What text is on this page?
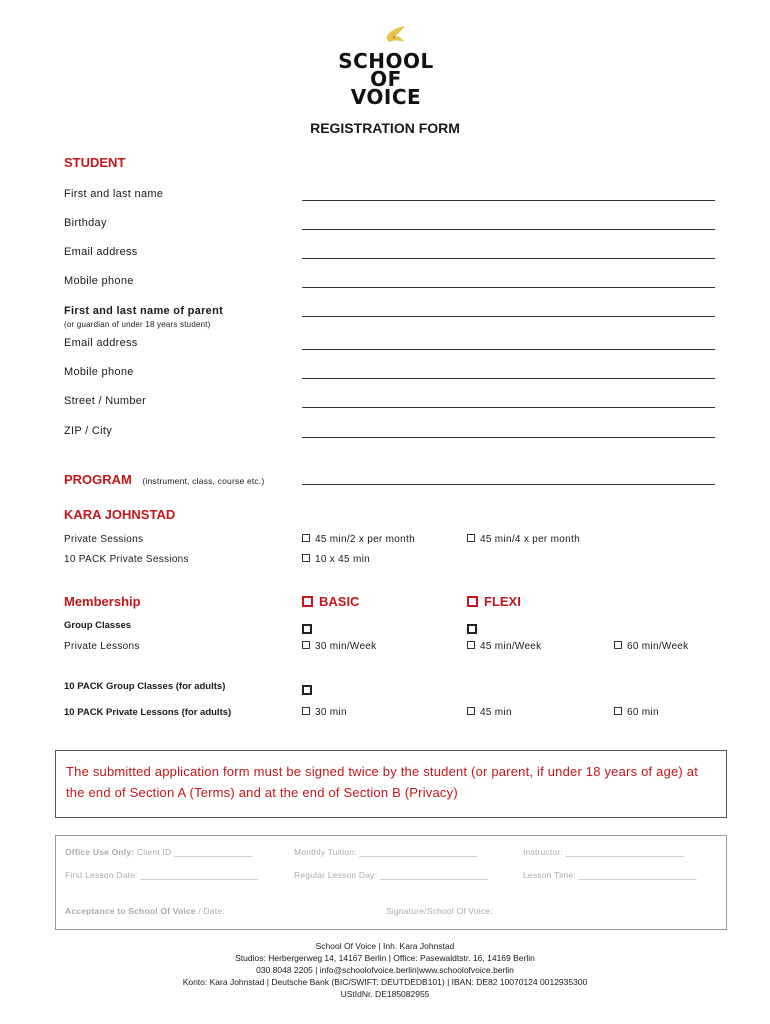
SCHOOL
OF
VOICE
REGISTRATION FORM
STUDENT
First and last name
Birthday
Email address
Mobile phone
First and last name of parent
(or guardian of under 18 years student)
Email address
Mobile phone
Street / Number
ZIP / City
PROGRAM (instrument, class, course etc.)
KARA JOHNSTAD
Private Sessions	45 min/2 x per month	45 min/4 x per month
10 PACK Private Sessions	10 x 45 min
Membership	BASIC	FLEXI
Group Classes
Private Lessons	30 min/Week	45 min/Week	60 min/Week
10 PACK Group Classes (for adults)
10 PACK Private Lessons (for adults)	30 min	45 min	60 min
The submitted application form must be signed twice by the student (or parent, if under 18 years of age) at the end of Section A (Terms) and at the end of Section B (Privacy)
Office Use Only: Client ID ________________	Monthly Tuition: ________________________	Instructor: ________________________
First Lesson Date: ________________________	Regular Lesson Day: ______________________	Lesson Time: ________________________
Acceptance to School Of Voice / Date:	Signature/School Of Voice:
School Of Voice | Inh. Kara Johnstad
Studios: Herbergerweg 14, 14167 Berlin | Office: Pasewaldtstr. 16, 14169 Berlin
030 8048 2205 | info@schoolofvoice.berlin|www.schoolofvoice.berlin
Konto: Kara Johnstad | Deutsche Bank (BIC/SWIFT: DEUTDEDB101) | IBAN: DE82 10070124 0012935300
UStIdNr. DE185082955
